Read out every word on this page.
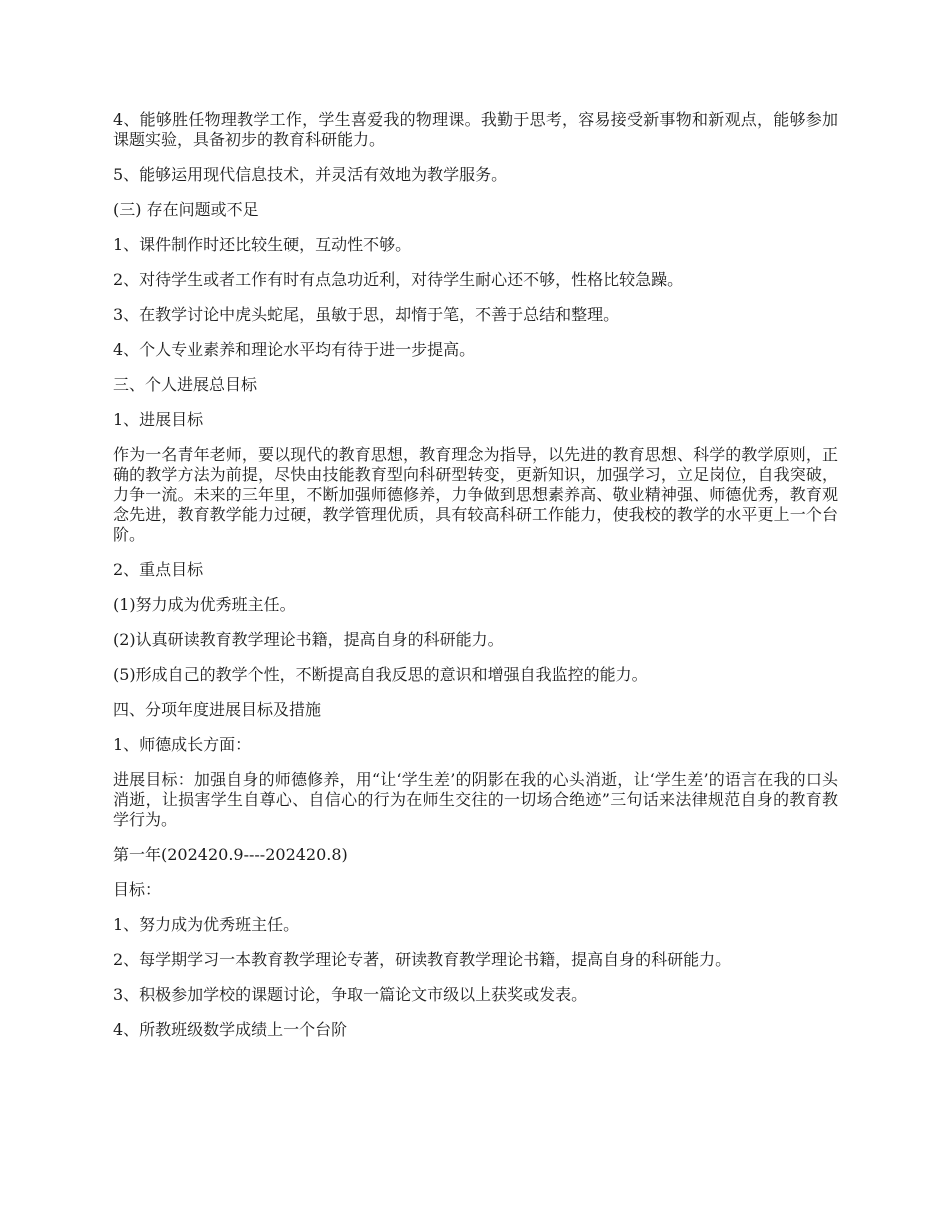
4、能够胜任物理教学工作，学生喜爱我的物理课。我勤于思考，容易接受新事物和新观点，能够参加课题实验，具备初步的教育科研能力。

5、能够运用现代信息技术，并灵活有效地为教学服务。

(三) 存在问题或不足

1、课件制作时还比较生硬，互动性不够。

2、对待学生或者工作有时有点急功近利，对待学生耐心还不够，性格比较急躁。

3、在教学讨论中虎头蛇尾，虽敏于思，却惰于笔，不善于总结和整理。

4、个人专业素养和理论水平均有待于进一步提高。

三、个人进展总目标

1、进展目标

作为一名青年老师，要以现代的教育思想，教育理念为指导，以先进的教育思想、科学的教学原则，正确的教学方法为前提，尽快由技能教育型向科研型转变，更新知识，加强学习，立足岗位，自我突破，力争一流。未来的三年里，不断加强师德修养，力争做到思想素养高、敬业精神强、师德优秀，教育观念先进，教育教学能力过硬，教学管理优质，具有较高科研工作能力，使我校的教学的水平更上一个台阶。

2、重点目标

(1)努力成为优秀班主任。

(2)认真研读教育教学理论书籍，提高自身的科研能力。

(5)形成自己的教学个性，不断提高自我反思的意识和增强自我监控的能力。

四、分项年度进展目标及措施

1、师德成长方面：

进展目标：加强自身的师德修养，用“让‘学生差’的阴影在我的心头消逝，让‘学生差’的语言在我的口头消逝，让损害学生自尊心、自信心的行为在师生交往的一切场合绝迹”三句话来法律规范自身的教育教学行为。

第一年(202420.9----202420.8)

目标：

1、努力成为优秀班主任。

2、每学期学习一本教育教学理论专著，研读教育教学理论书籍，提高自身的科研能力。

3、积极参加学校的课题讨论，争取一篇论文市级以上获奖或发表。

4、所教班级数学成绩上一个台阶
